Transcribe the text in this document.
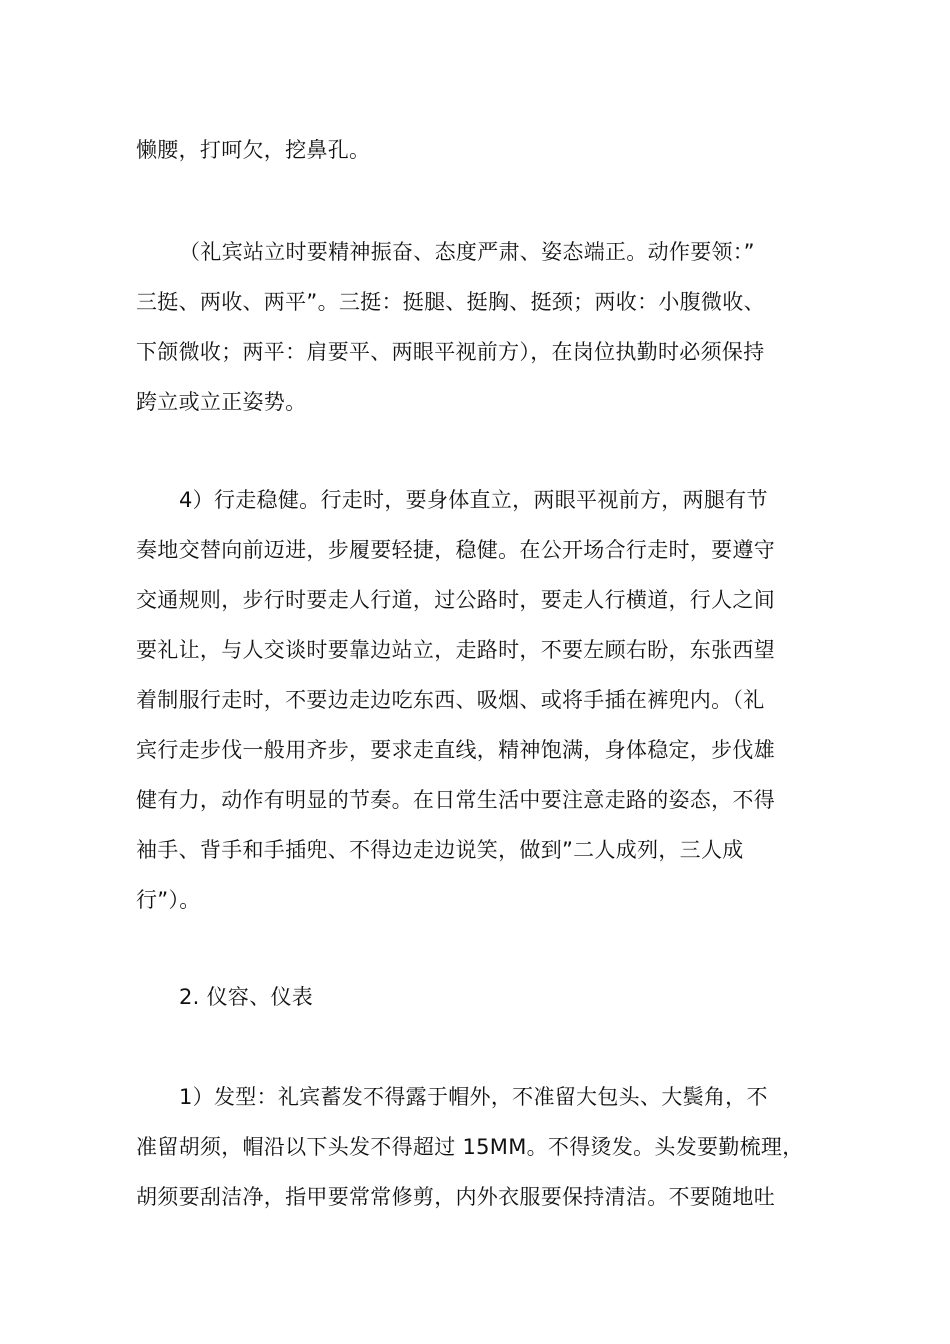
懒腰，打呵欠，挖鼻孔。

（礼宾站立时要精神振奋、态度严肃、姿态端正。动作要领：”
三挺、两收、两平”。三挺：挺腿、挺胸、挺颈；两收：小腹微收、
下颌微收；两平：肩要平、两眼平视前方），在岗位执勤时必须保持
跨立或立正姿势。

4）行走稳健。行走时，要身体直立，两眼平视前方，两腿有节
奏地交替向前迈进，步履要轻捷，稳健。在公开场合行走时，要遵守
交通规则，步行时要走人行道，过公路时，要走人行横道，行人之间
要礼让，与人交谈时要靠边站立，走路时，不要左顾右盼，东张西望
着制服行走时，不要边走边吃东西、吸烟、或将手插在裤兜内。（礼
宾行走步伐一般用齐步，要求走直线，精神饱满，身体稳定，步伐雄
健有力，动作有明显的节奏。在日常生活中要注意走路的姿态，不得
袖手、背手和手插兜、不得边走边说笑，做到”二人成列，三人成
行”）。

2. 仪容、仪表

1）发型：礼宾蓄发不得露于帽外，不准留大包头、大鬓角，不
准留胡须，帽沿以下头发不得超过 15MM。不得烫发。头发要勤梳理，
胡须要刮洁净，指甲要常常修剪，内外衣服要保持清洁。不要随地吐
